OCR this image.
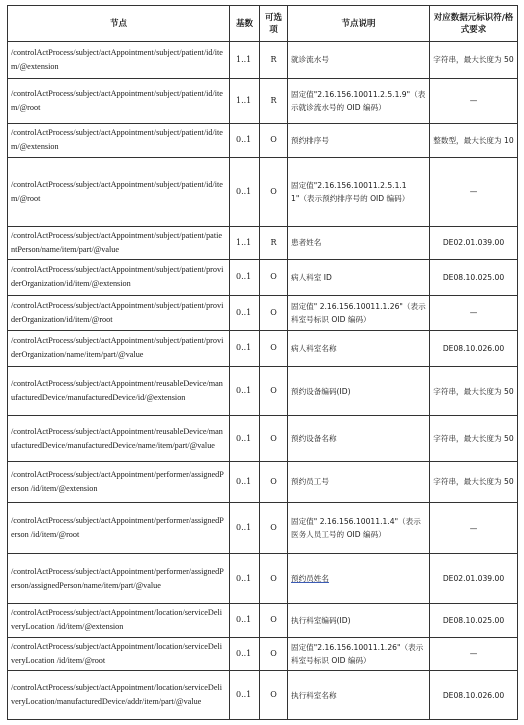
节点	基数	可选项	节点说明	对应数据元标识符/格式要求
/controlActProcess/subject/actAppointment/subject/patient/id/item/@extension	1..1	R	就诊流水号	字符串，最大长度为 50
/controlActProcess/subject/actAppointment/subject/patient/id/item/@root	1..1	R	固定值"2.16.156.10011.2.5.1.9"（表示就诊流水号的 OID 编码）	—
/controlActProcess/subject/actAppointment/subject/patient/id/item/@extension	0..1	O	预约排序号	整数型，最大长度为 10
/controlActProcess/subject/actAppointment/subject/patient/id/item/@root	0..1	O	固定值"2.16.156.10011.2.5.1.11"（表示预约排序号的 OID 编码）	—
/controlActProcess/subject/actAppointment/subject/patient/patientPerson/name/item/part/@value	1..1	R	患者姓名	DE02.01.039.00
/controlActProcess/subject/actAppointment/subject/patient/providerOrganization/id/item/@extension	0..1	O	病人科室 ID	DE08.10.025.00
/controlActProcess/subject/actAppointment/subject/patient/providerOrganization/id/item/@root	0..1	O	固定值" 2.16.156.10011.1.26"（表示科室号标识 OID 编码）	—
/controlActProcess/subject/actAppointment/subject/patient/providerOrganization/name/item/part/@value	0..1	O	病人科室名称	DE08.10.026.00
/controlActProcess/subject/actAppointment/reusableDevice/manufacturedDevice/manufacturedDevice/id/@extension	0..1	O	预约设备编码(ID)	字符串，最大长度为 50
/controlActProcess/subject/actAppointment/reusableDevice/manufacturedDevice/manufacturedDevice/name/item/part/@value	0..1	O	预约设备名称	字符串，最大长度为 50
/controlActProcess/subject/actAppointment/performer/assignedPerson /id/item/@extension	0..1	O	预约员工号	字符串，最大长度为 50
/controlActProcess/subject/actAppointment/performer/assignedPerson /id/item/@root	0..1	O	固定值" 2.16.156.10011.1.4"（表示医务人员工号的 OID 编码）	—
/controlActProcess/subject/actAppointment/performer/assignedPerson/assignedPerson/name/item/part/@value	0..1	O	预约员姓名	DE02.01.039.00
/controlActProcess/subject/actAppointment/location/serviceDeliveryLocation /id/item/@extension	0..1	O	执行科室编码(ID)	DE08.10.025.00
/controlActProcess/subject/actAppointment/location/serviceDeliveryLocation /id/item/@root	0..1	O	固定值"2.16.156.10011.1.26"（表示科室号标识 OID 编码）	—
/controlActProcess/subject/actAppointment/location/serviceDeliveryLocation/manufacturedDevice/addr/item/part/@value	0..1	O	执行科室名称	DE08.10.026.00
